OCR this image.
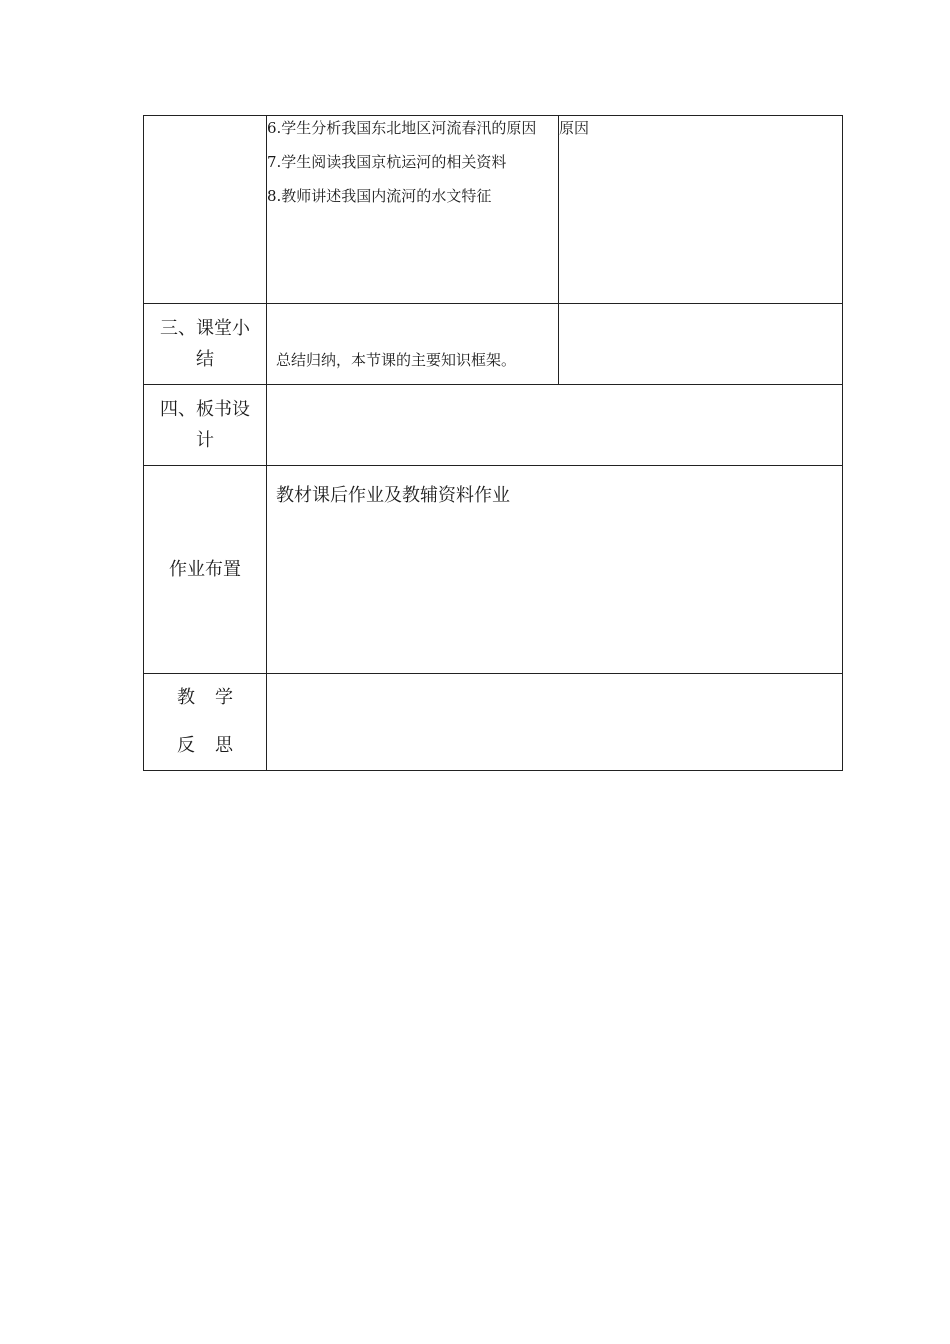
	6.学生分析我国东北地区河流春汛的原因

7.学生阅读我国京杭运河的相关资料

8.教师讲述我国内流河的水文特征	原因
三、课堂小结	总结归纳，本节课的主要知识框架。	
四、板书设计		
作业布置	教材课后作业及教辅资料作业	

教学
反思		
